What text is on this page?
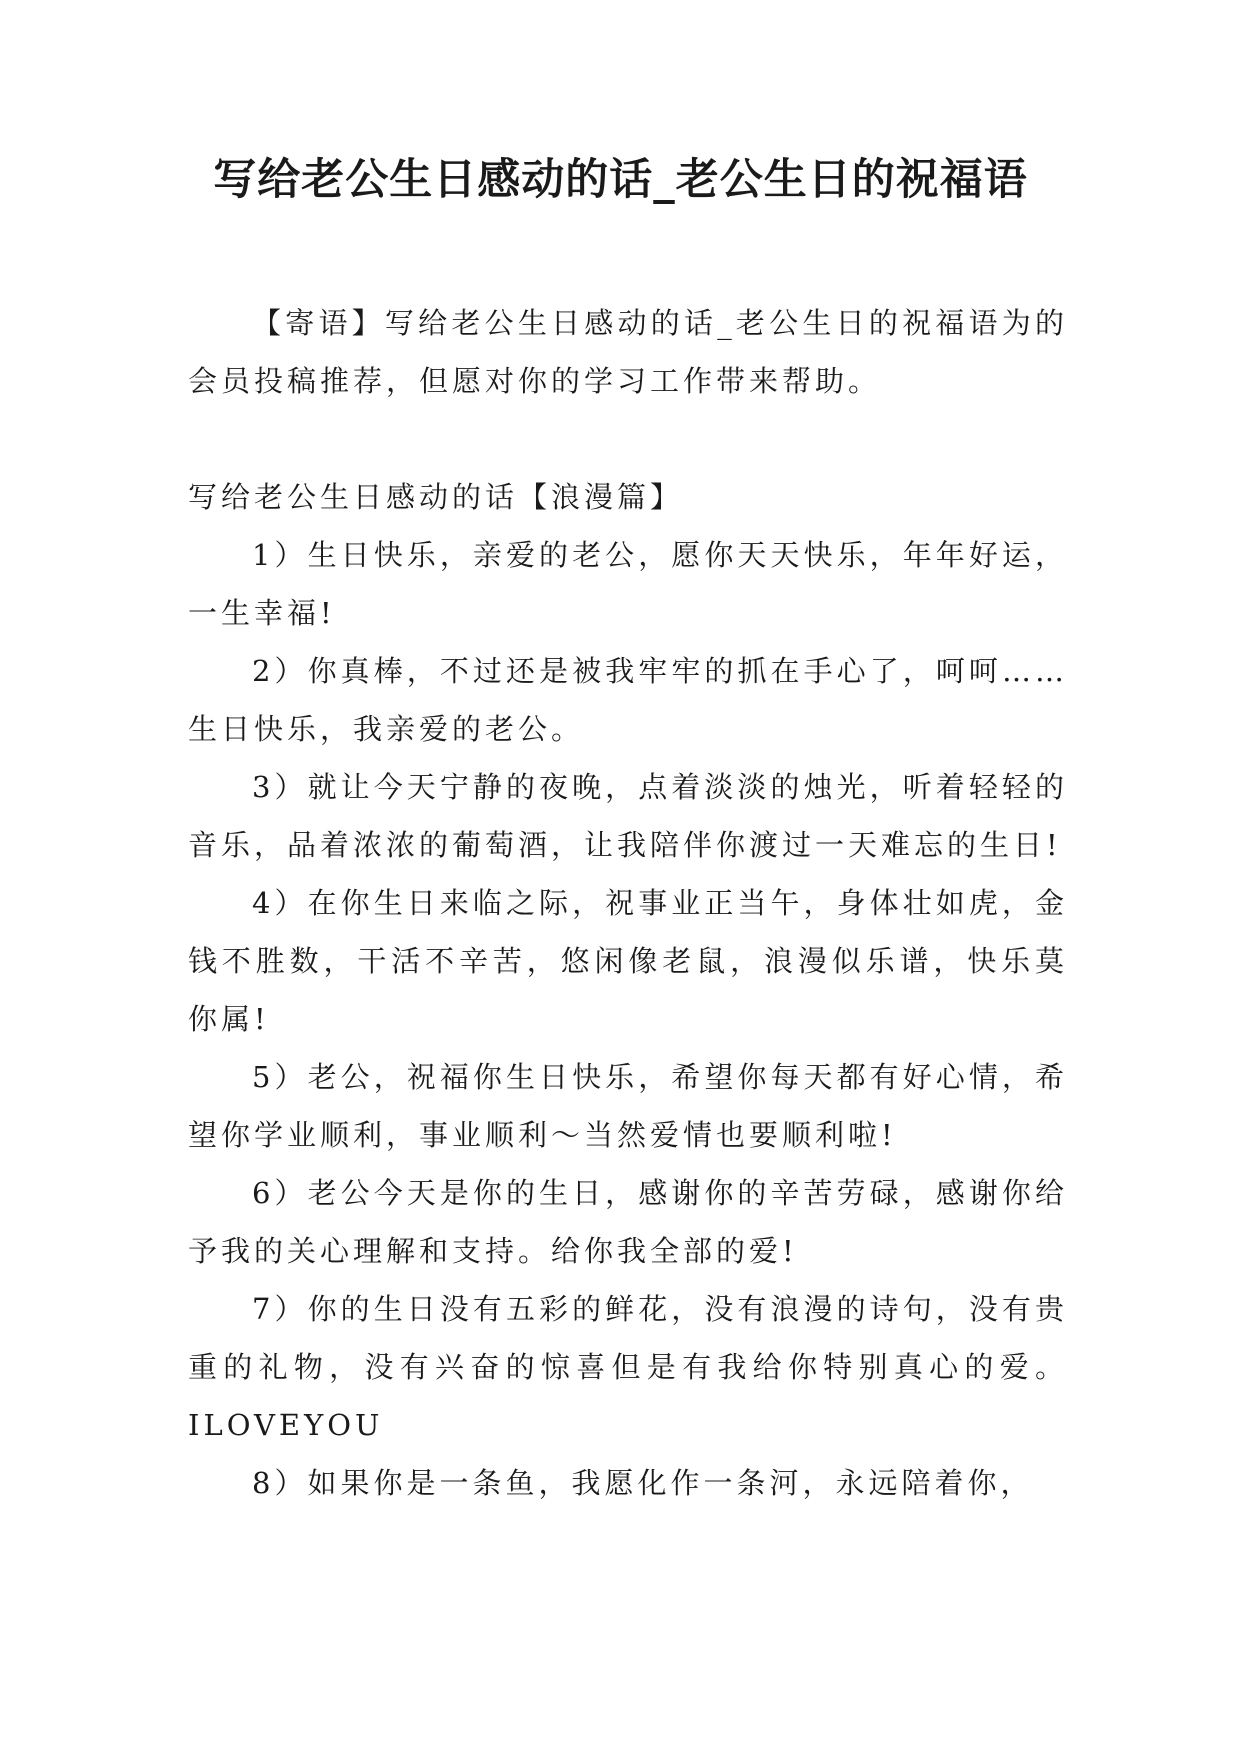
写给老公生日感动的话_老公生日的祝福语

【寄语】写给老公生日感动的话_老公生日的祝福语为的会员投稿推荐，但愿对你的学习工作带来帮助。

写给老公生日感动的话【浪漫篇】

1）生日快乐，亲爱的老公，愿你天天快乐，年年好运，一生幸福!

2）你真棒，不过还是被我牢牢的抓在手心了，呵呵……生日快乐，我亲爱的老公。

3）就让今天宁静的夜晚，点着淡淡的烛光，听着轻轻的音乐，品着浓浓的葡萄酒，让我陪伴你渡过一天难忘的生日!

4）在你生日来临之际，祝事业正当午，身体壮如虎，金钱不胜数，干活不辛苦，悠闲像老鼠，浪漫似乐谱，快乐莫你属!

5）老公，祝福你生日快乐，希望你每天都有好心情，希望你学业顺利，事业顺利～当然爱情也要顺利啦!

6）老公今天是你的生日，感谢你的辛苦劳碌，感谢你给予我的关心理解和支持。给你我全部的爱!

7）你的生日没有五彩的鲜花，没有浪漫的诗句，没有贵重的礼物，没有兴奋的惊喜但是有我给你特别真心的爱。ILOVEYOU

8）如果你是一条鱼，我愿化作一条河，永远陪着你，
